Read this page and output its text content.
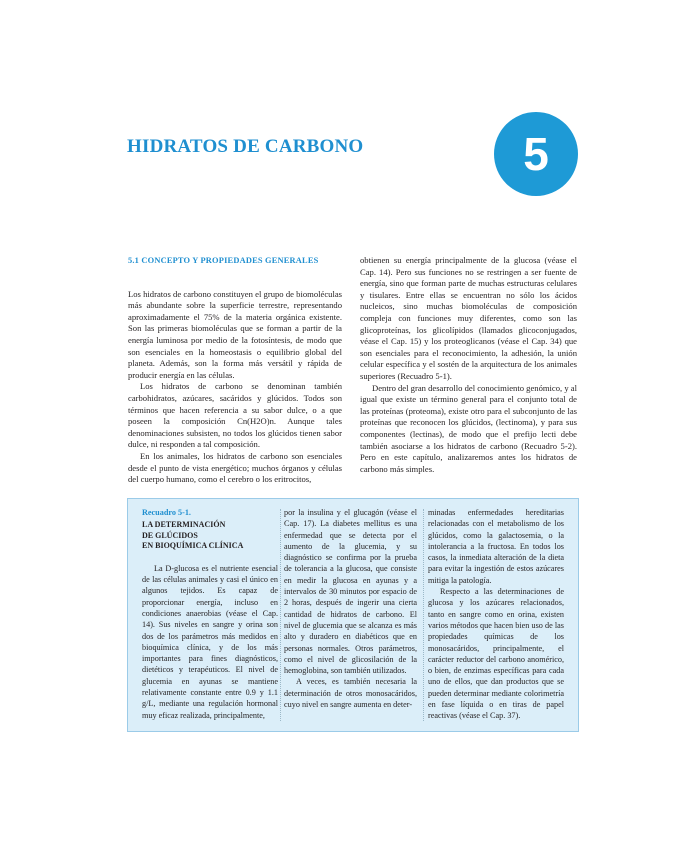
HIDRATOS DE CARBONO	5
5.1 CONCEPTO Y PROPIEDADES GENERALES

Los hidratos de carbono constituyen el grupo de biomoléculas más abundante sobre la superficie terrestre, representando aproximadamente el 75% de la materia orgánica existente. Son las primeras biomoléculas que se forman a partir de la energía luminosa por medio de la fotosíntesis, de modo que son esenciales en la homeostasis o equilibrio global del planeta. Además, son la forma más versátil y rápida de producir energía en las células.

Los hidratos de carbono se denominan también carbohidratos, azúcares, sacáridos y glúcidos. Todos son términos que hacen referencia a su sabor dulce, o a que poseen la composición Cn(H2O)n. Aunque tales denominaciones subsisten, no todos los glúcidos tienen sabor dulce, ni responden a tal composición.

En los animales, los hidratos de carbono son esenciales desde el punto de vista energético; muchos órganos y células del cuerpo humano, como el cerebro o los eritrocitos,

obtienen su energía principalmente de la glucosa (véase el Cap. 14). Pero sus funciones no se restringen a ser fuente de energía, sino que forman parte de muchas estructuras celulares y tisulares. Entre ellas se encuentran no sólo los ácidos nucleicos, sino muchas biomoléculas de composición compleja con funciones muy diferentes, como son las glicoproteínas, los glicolípidos (llamados glicoconjugados, véase el Cap. 15) y los proteoglicanos (véase el Cap. 34) que son esenciales para el reconocimiento, la adhesión, la unión celular específica y el sostén de la arquitectura de los animales superiores (Recuadro 5-1).

Dentro del gran desarrollo del conocimiento genómico, y al igual que existe un término general para el conjunto total de las proteínas (proteoma), existe otro para el subconjunto de las proteínas que reconocen los glúcidos, (lectinoma), y para sus componentes (lectinas), de modo que el prefijo lecti debe también asociarse a los hidratos de carbono (Recuadro 5-2). Pero en este capítulo, analizaremos antes los hidratos de carbono más simples.

Recuadro 5-1.
LA DETERMINACIÓN
DE GLÚCIDOS
EN BIOQUÍMICA CLÍNICA

La D-glucosa es el nutriente esencial de las células animales y casi el único en algunos tejidos. Es capaz de proporcionar energía, incluso en condiciones anaerobias (véase el Cap. 14). Sus niveles en sangre y orina son dos de los parámetros más medidos en bioquímica clínica, y de los más importantes para fines diagnósticos, dietéticos y terapéuticos. El nivel de glucemia en ayunas se mantiene relativamente constante entre 0.9 y 1.1 g/L, mediante una regulación hormonal muy eficaz realizada, principalmente,

por la insulina y el glucagón (véase el Cap. 17). La diabetes mellitus es una enfermedad que se detecta por el aumento de la glucemia, y su diagnóstico se confirma por la prueba de tolerancia a la glucosa, que consiste en medir la glucosa en ayunas y a intervalos de 30 minutos por espacio de 2 horas, después de ingerir una cierta cantidad de hidratos de carbono. El nivel de glucemia que se alcanza es más alto y duradero en diabéticos que en personas normales. Otros parámetros, como el nivel de glicosilación de la hemoglobina, son también utilizados.

A veces, es también necesaria la determinación de otros monosacáridos, cuyo nivel en sangre aumenta en deter-

minadas enfermedades hereditarias relacionadas con el metabolismo de los glúcidos, como la galactosemia, o la intolerancia a la fructosa. En todos los casos, la inmediata alteración de la dieta para evitar la ingestión de estos azúcares mitiga la patología.

Respecto a las determinaciones de glucosa y los azúcares relacionados, tanto en sangre como en orina, existen varios métodos que hacen bien uso de las propiedades químicas de los monosacáridos, principalmente, el carácter reductor del carbono anomérico, o bien, de enzimas específicas para cada uno de ellos, que dan productos que se pueden determinar mediante colorimetría en fase líquida o en tiras de papel reactivas (véase el Cap. 37).
